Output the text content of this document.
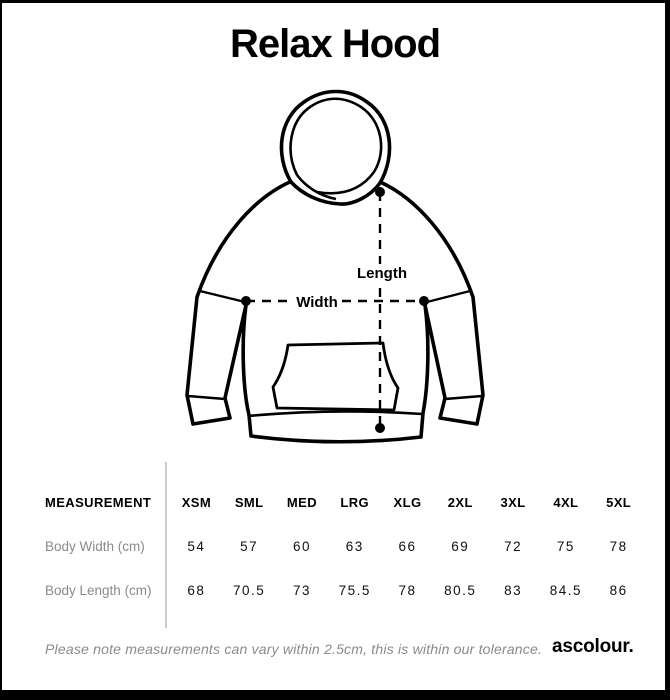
Relax Hood
Width
Length
MEASUREMENT	XSM	SML	MED	LRG	XLG	2XL	3XL	4XL	5XL
Body Width (cm)	54	57	60	63	66	69	72	75	78
Body Length (cm)	68	70.5	73	75.5	78	80.5	83	84.5	86
Please note measurements can vary within 2.5cm, this is within our tolerance. ascolour.
